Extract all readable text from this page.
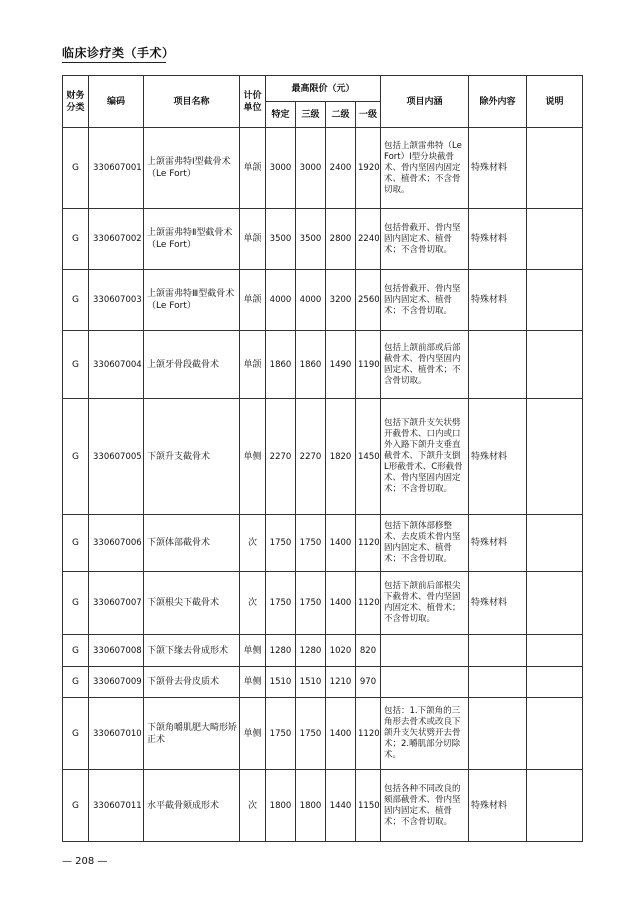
临床诊疗类（手术）
财务分类	编码	项目名称	计价单位	最高限价（元）				项目内涵	除外内容	说明
				特定	三级	二级	一级			
G	330607001	上颌雷弗特Ⅰ型截骨术（Le Fort）	单颌	3000	3000	2400	1920	包括上颌雷弗特（Le Fort）Ⅰ型分块截骨术、骨内坚固内固定术、植骨术；不含骨切取。	特殊材料	
G	330607002	上颌雷弗特Ⅱ型截骨术（Le Fort）	单颌	3500	3500	2800	2240	包括骨截开、骨内坚固内固定术、植骨术；不含骨切取。	特殊材料	
G	330607003	上颌雷弗特Ⅲ型截骨术（Le Fort）	单颌	4000	4000	3200	2560	包括骨截开、骨内坚固内固定术、植骨术；不含骨切取。	特殊材料	
G	330607004	上颌牙骨段截骨术	单颌	1860	1860	1490	1190	包括上颌前部或后部截骨术、骨内坚固内固定术、植骨术；不含骨切取。		
G	330607005	下颌升支截骨术	单侧	2270	2270	1820	1450	包括下颌升支矢状劈开截骨术、口内或口外入路下颌升支垂直截骨术、下颌升支倒L形截骨术、C形截骨术、骨内坚固内固定术；不含骨切取。	特殊材料	
G	330607006	下颌体部截骨术	次	1750	1750	1400	1120	包括下颌体部修整术、去皮质术骨内坚固内固定术、植骨术；不含骨切取。	特殊材料	
G	330607007	下颌根尖下截骨术	次	1750	1750	1400	1120	包括下颌前后部根尖下截骨术、骨内坚固内固定术、植骨术；不含骨切取。	特殊材料	
G	330607008	下颌下缘去骨成形术	单侧	1280	1280	1020	820			
G	330607009	下颌骨去骨皮质术	单侧	1510	1510	1210	970			
G	330607010	下颌角嚼肌肥大畸形矫正术	单侧	1750	1750	1400	1120	包括：1.下颌角的三角形去骨术或改良下颌升支矢状劈开去骨术；2.嚼肌部分切除术。		
G	330607011	水平截骨颏成形术	次	1800	1800	1440	1150	包括各种不同改良的颏部截骨术、骨内坚固内固定术、植骨术；不含骨切取。	特殊材料	
— 208 —
